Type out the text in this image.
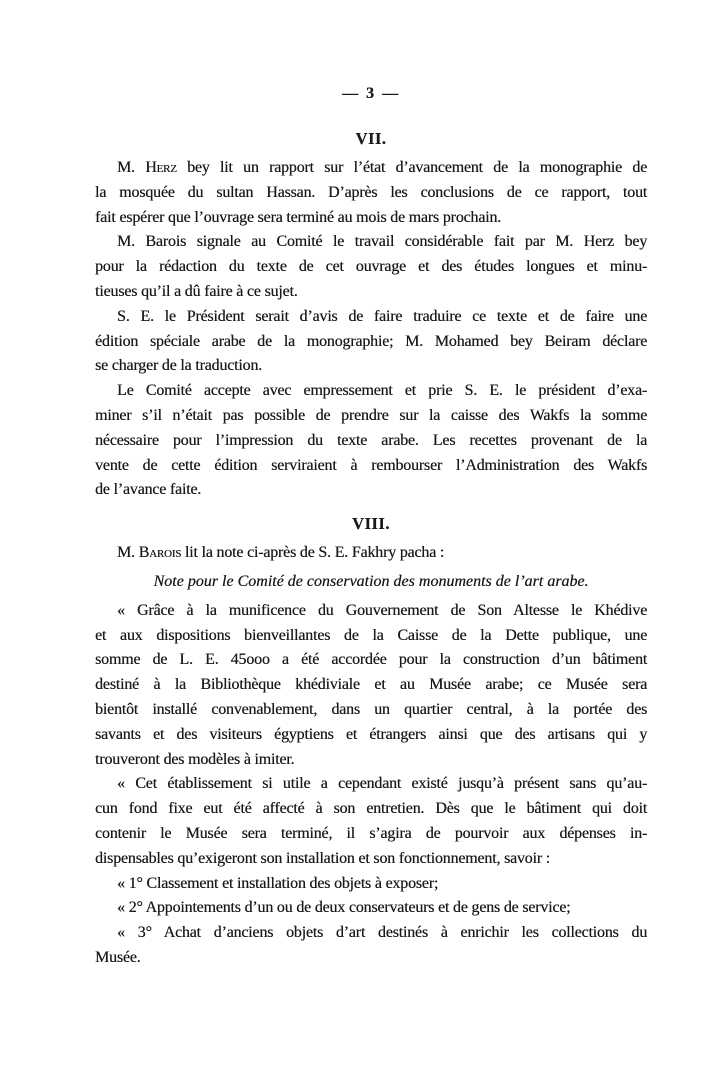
— 3 —
VII.
M. Herz bey lit un rapport sur l’état d’avancement de la monographie de
la mosquée du sultan Hassan. D’après les conclusions de ce rapport, tout
fait espérer que l’ouvrage sera terminé au mois de mars prochain.
M. Barois signale au Comité le travail considérable fait par M. Herz bey
pour la rédaction du texte de cet ouvrage et des études longues et minu-
tieuses qu’il a dû faire à ce sujet.
S. E. le Président serait d’avis de faire traduire ce texte et de faire une
édition spéciale arabe de la monographie; M. Mohamed bey Beiram déclare
se charger de la traduction.
Le Comité accepte avec empressement et prie S. E. le président d’exa-
miner s’il n’était pas possible de prendre sur la caisse des Wakfs la somme
nécessaire pour l’impression du texte arabe. Les recettes provenant de la
vente de cette édition serviraient à rembourser l’Administration des Wakfs
de l’avance faite.
VIII.
M. Barois lit la note ci-après de S. E. Fakhry pacha :
Note pour le Comité de conservation des monuments de l’art arabe.
« Grâce à la munificence du Gouvernement de Son Altesse le Khédive
et aux dispositions bienveillantes de la Caisse de la Dette publique, une
somme de L. E. 45ooo a été accordée pour la construction d’un bâtiment
destiné à la Bibliothèque khédiviale et au Musée arabe; ce Musée sera
bientôt installé convenablement, dans un quartier central, à la portée des
savants et des visiteurs égyptiens et étrangers ainsi que des artisans qui y
trouveront des modèles à imiter.
« Cet établissement si utile a cependant existé jusqu’à présent sans qu’au-
cun fond fixe eut été affecté à son entretien. Dès que le bâtiment qui doit
contenir le Musée sera terminé, il s’agira de pourvoir aux dépenses in-
dispensables qu’exigeront son installation et son fonctionnement, savoir :
« 1° Classement et installation des objets à exposer;
« 2° Appointements d’un ou de deux conservateurs et de gens de service;
« 3° Achat d’anciens objets d’art destinés à enrichir les collections du
Musée.
